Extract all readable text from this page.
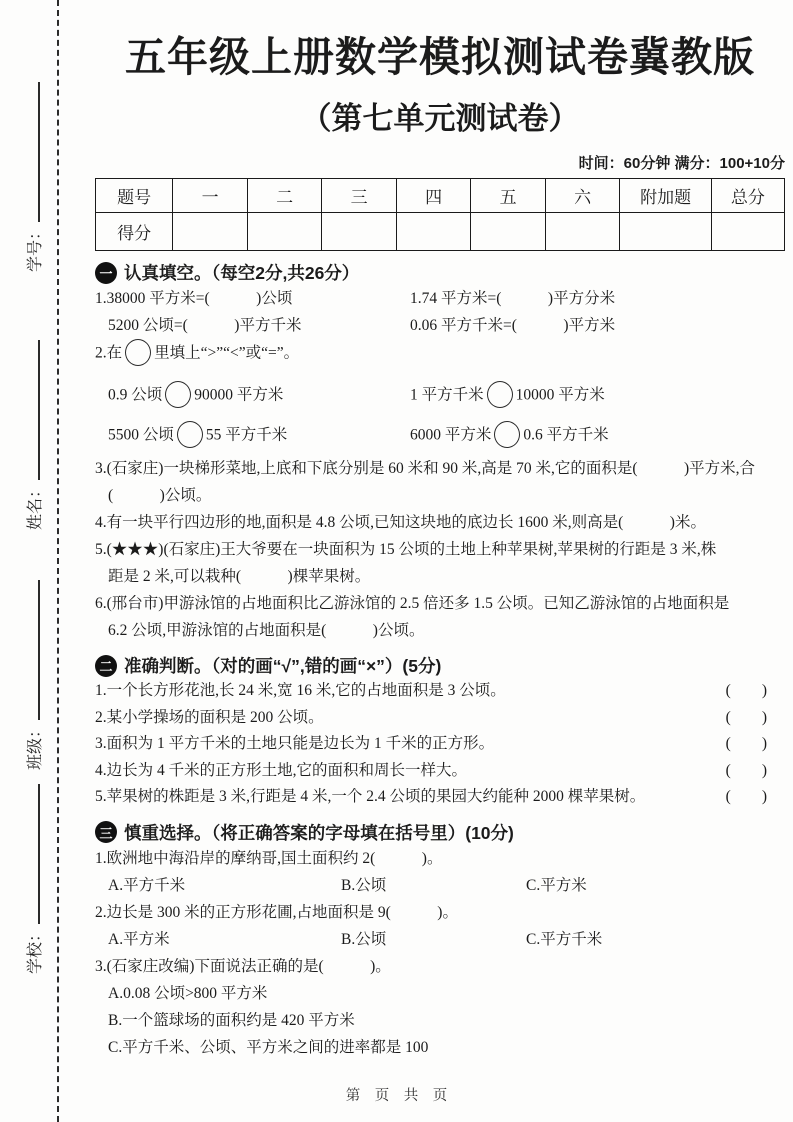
学号：
姓名：
班级：
学校：
五年级上册数学模拟测试卷冀教版
（第七单元测试卷）
时间：60分钟 满分：100+10分
题号	一	二	三	四	五	六	附加题	总分
得分								
一 认真填空。（每空2分,共26分）
1.38000 平方米=(　　　)公顷	1.74 平方米=(　　　)平方分米
5200 公顷=(　　　)平方千米	0.06 平方千米=(　　　)平方米
2.在 里填上“>”“<”或“=”。
0.9 公顷 90000 平方米	1 平方千米 10000 平方米
5500 公顷 55 平方千米	6000 平方米 0.6 平方千米
3.(石家庄)一块梯形菜地,上底和下底分别是 60 米和 90 米,高是 70 米,它的面积是(　　　)平方米,合
(　　　)公顷。
4.有一块平行四边形的地,面积是 4.8 公顷,已知这块地的底边长 1600 米,则高是(　　　)米。
5.(★★★)(石家庄)王大爷要在一块面积为 15 公顷的土地上种苹果树,苹果树的行距是 3 米,株
距是 2 米,可以栽种(　　　)棵苹果树。
6.(邢台市)甲游泳馆的占地面积比乙游泳馆的 2.5 倍还多 1.5 公顷。已知乙游泳馆的占地面积是
6.2 公顷,甲游泳馆的占地面积是(　　　)公顷。
二 准确判断。（对的画“√”,错的画“×”）(5分)
1.一个长方形花池,长 24 米,宽 16 米,它的占地面积是 3 公顷。	(　　)
2.某小学操场的面积是 200 公顷。	(　　)
3.面积为 1 平方千米的土地只能是边长为 1 千米的正方形。	(　　)
4.边长为 4 千米的正方形土地,它的面积和周长一样大。	(　　)
5.苹果树的株距是 3 米,行距是 4 米,一个 2.4 公顷的果园大约能种 2000 棵苹果树。	(　　)
三 慎重选择。（将正确答案的字母填在括号里）(10分)
1.欧洲地中海沿岸的摩纳哥,国土面积约 2(　　　)。
A.平方千米	B.公顷	C.平方米
2.边长是 300 米的正方形花圃,占地面积是 9(　　　)。
A.平方米	B.公顷	C.平方千米
3.(石家庄改编)下面说法正确的是(　　　)。
A.0.08 公顷>800 平方米
B.一个篮球场的面积约是 420 平方米
C.平方千米、公顷、平方米之间的进率都是 100
第　页　共　页
